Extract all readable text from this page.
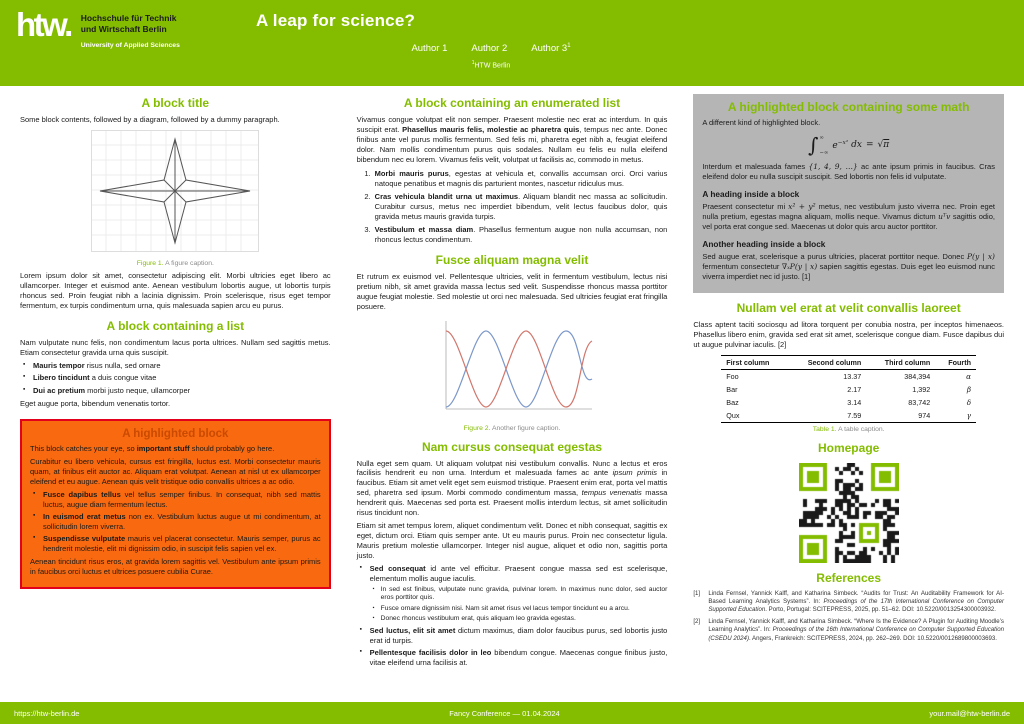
htw. Hochschule für Technik
und Wirtschaft Berlin
University of Applied Sciences
A leap for science?
Author 1	Author 2	Author $3^1$
$^1$HTW Berlin
A block title

Some block contents, followed by a diagram, followed by a dummy paragraph.

Figure 1. A figure caption.

Lorem ipsum dolor sit amet, consectetur adipiscing elit. Morbi ultricies eget libero ac ullamcorper. Integer et euismod ante. Aenean vestibulum lobortis augue, ut lobortis turpis rhoncus sed. Proin feugiat nibh a lacinia dignissim. Proin scelerisque, risus eget tempor fermentum, ex turpis condimentum urna, quis malesuada sapien arcu eu purus.

A block containing a list

Nam vulputate nunc felis, non condimentum lacus porta ultrices. Nullam sed sagittis metus. Etiam consectetur gravida urna quis suscipit.

▪ Mauris tempor risus nulla, sed ornare
▪ Libero tincidunt a duis congue vitae
▪ Dui ac pretium morbi justo neque, ullamcorper

Eget augue porta, bibendum venenatis tortor.

A highlighted block

This block catches your eye, so important stuff should probably go here.

Curabitur eu libero vehicula, cursus est fringilla, luctus est. Morbi consectetur mauris quam, at finibus elit auctor ac. Aliquam erat volutpat. Aenean at nisl ut ex ullamcorper eleifend et eu augue. Aenean quis velit tristique odio convallis ultrices a ac odio.

▪ Fusce dapibus tellus vel tellus semper finibus. In consequat, nibh sed mattis luctus, augue diam fermentum lectus.
▪ In euismod erat metus non ex. Vestibulum luctus augue ut mi condimentum, at sollicitudin lorem viverra.
▪ Suspendisse vulputate mauris vel placerat consectetur. Mauris semper, purus ac hendrerit molestie, elit mi dignissim odio, in suscipit felis sapien vel ex.

Aenean tincidunt risus eros, at gravida lorem sagittis vel. Vestibulum ante ipsum primis in faucibus orci luctus et ultrices posuere cubilia Curae.

A block containing an enumerated list

Vivamus congue volutpat elit non semper. Praesent molestie nec erat ac interdum. In quis suscipit erat. Phasellus mauris felis, molestie ac pharetra quis, tempus nec ante. Donec finibus ante vel purus mollis fermentum. Sed felis mi, pharetra eget nibh a, feugiat eleifend dolor. Nam mollis condimentum purus quis sodales. Nullam eu felis eu nulla eleifend bibendum nec eu lorem. Vivamus felis velit, volutpat ut facilisis ac, commodo in metus.

1. Morbi mauris purus, egestas at vehicula et, convallis accumsan orci. Orci varius natoque penatibus et magnis dis parturient montes, nascetur ridiculus mus.
2. Cras vehicula blandit urna ut maximus. Aliquam blandit nec massa ac sollicitudin. Curabitur cursus, metus nec imperdiet bibendum, velit lectus faucibus dolor, quis gravida metus mauris gravida turpis.
3. Vestibulum et massa diam. Phasellus fermentum augue non nulla accumsan, non rhoncus lectus condimentum.
Fusce aliquam magna velit

Et rutrum ex euismod vel. Pellentesque ultricies, velit in fermentum vestibulum, lectus nisi pretium nibh, sit amet gravida massa lectus sed velit. Suspendisse rhoncus massa porttitor augue feugiat molestie. Sed molestie ut orci nec malesuada. Sed ultricies feugiat erat fringilla posuere.

Figure 2. Another figure caption.
Nam cursus consequat egestas

Nulla eget sem quam. Ut aliquam volutpat nisi vestibulum convallis. Nunc a lectus et eros facilisis hendrerit eu non urna. Interdum et malesuada fames ac ante ipsum primis in faucibus. Etiam sit amet velit eget sem euismod tristique. Praesent enim erat, porta vel mattis sed, pharetra sed ipsum. Morbi commodo condimentum massa, tempus venenatis massa hendrerit quis. Maecenas sed porta est. Praesent mollis interdum lectus, sit amet sollicitudin risus tincidunt non.

Etiam sit amet tempus lorem, aliquet condimentum velit. Donec et nibh consequat, sagittis ex eget, dictum orci. Etiam quis semper ante. Ut eu mauris purus. Proin nec consectetur ligula. Mauris pretium molestie ullamcorper. Integer nisl augue, aliquet et odio non, sagittis porta justo.

▪ Sed consequat id ante vel efficitur. Praesent congue massa sed est scelerisque, elementum mollis augue iaculis.
▪ In sed est finibus, vulputate nunc gravida, pulvinar lorem. In maximus nunc dolor, sed auctor eros porttitor quis.
▪ Fusce ornare dignissim nisi. Nam sit amet risus vel lacus tempor tincidunt eu a arcu.
▪ Donec rhoncus vestibulum erat, quis aliquam leo gravida egestas.
▪ Sed luctus, elit sit amet dictum maximus, diam dolor faucibus purus, sed lobortis justo erat id turpis.
▪ Pellentesque facilisis dolor in leo bibendum congue. Maecenas congue finibus justo, vitae eleifend urna facilisis at.
A highlighted block containing some math

A different kind of highlighted block.

∫ ∞
−∞
$e^{-x^2}$ dx = √π

Interdum et malesuada fames {1, 4, 9, …} ac ante ipsum primis in faucibus. Cras eleifend dolor eu nulla suscipit suscipit. Sed lobortis non felis id vulputate.

A heading inside a block

Praesent consectetur mi x² + y² metus, nec vestibulum justo viverra nec. Proin eget nulla pretium, egestas magna aliquam, mollis neque. Vivamus dictum uᵀv sagittis odio, vel porta erat congue sed. Maecenas ut dolor quis arcu auctor porttitor.

Another heading inside a block

Sed augue erat, scelerisque a purus ultricies, placerat porttitor neque. Donec P(y | x) fermentum consectetur ∇ₓP(y | x) sapien sagittis egestas. Duis eget leo euismod nunc viverra imperdiet nec id justo. [1]

Nullam vel erat at velit convallis laoreet

Class aptent taciti sociosqu ad litora torquent per conubia nostra, per inceptos himenaeos. Phasellus libero enim, gravida sed erat sit amet, scelerisque congue diam. Fusce dapibus dui ut augue pulvinar iaculis. [2]

First column	Second column	Third column	Fourth
Foo	13.37	384,394	α
Bar	2.17	1,392	β
Baz	3.14	83,742	δ
Qux	7.59	974	γ
Table 1. A table caption.
Homepage
References
[1]	Linda Fernsel, Yannick Kalff, and Katharina Simbeck. “Audits for Trust: An Auditability Framework for AI-Based Learning Analytics Systems”. In: Proceedings of the 17th International Conference on Computer Supported Education. Porto, Portugal: SCITEPRESS, 2025, pp. 51–62. DOI: 10.5220/0013254300003932.
[2]	Linda Fernsel, Yannick Kalff, and Katharina Simbeck. “Where Is the Evidence? A Plugin for Auditing Moodle’s Learning Analytics”. In: Proceedings of the 16th International Conference on Computer Supported Education (CSEDU 2024). Angers, Frankreich: SCITEPRESS, 2024, pp. 262–269. DOI: 10.5220/0012689800003693.
https://htw-berlin.de	Fancy Conference — 01.04.2024	your.mail@htw-berlin.de
